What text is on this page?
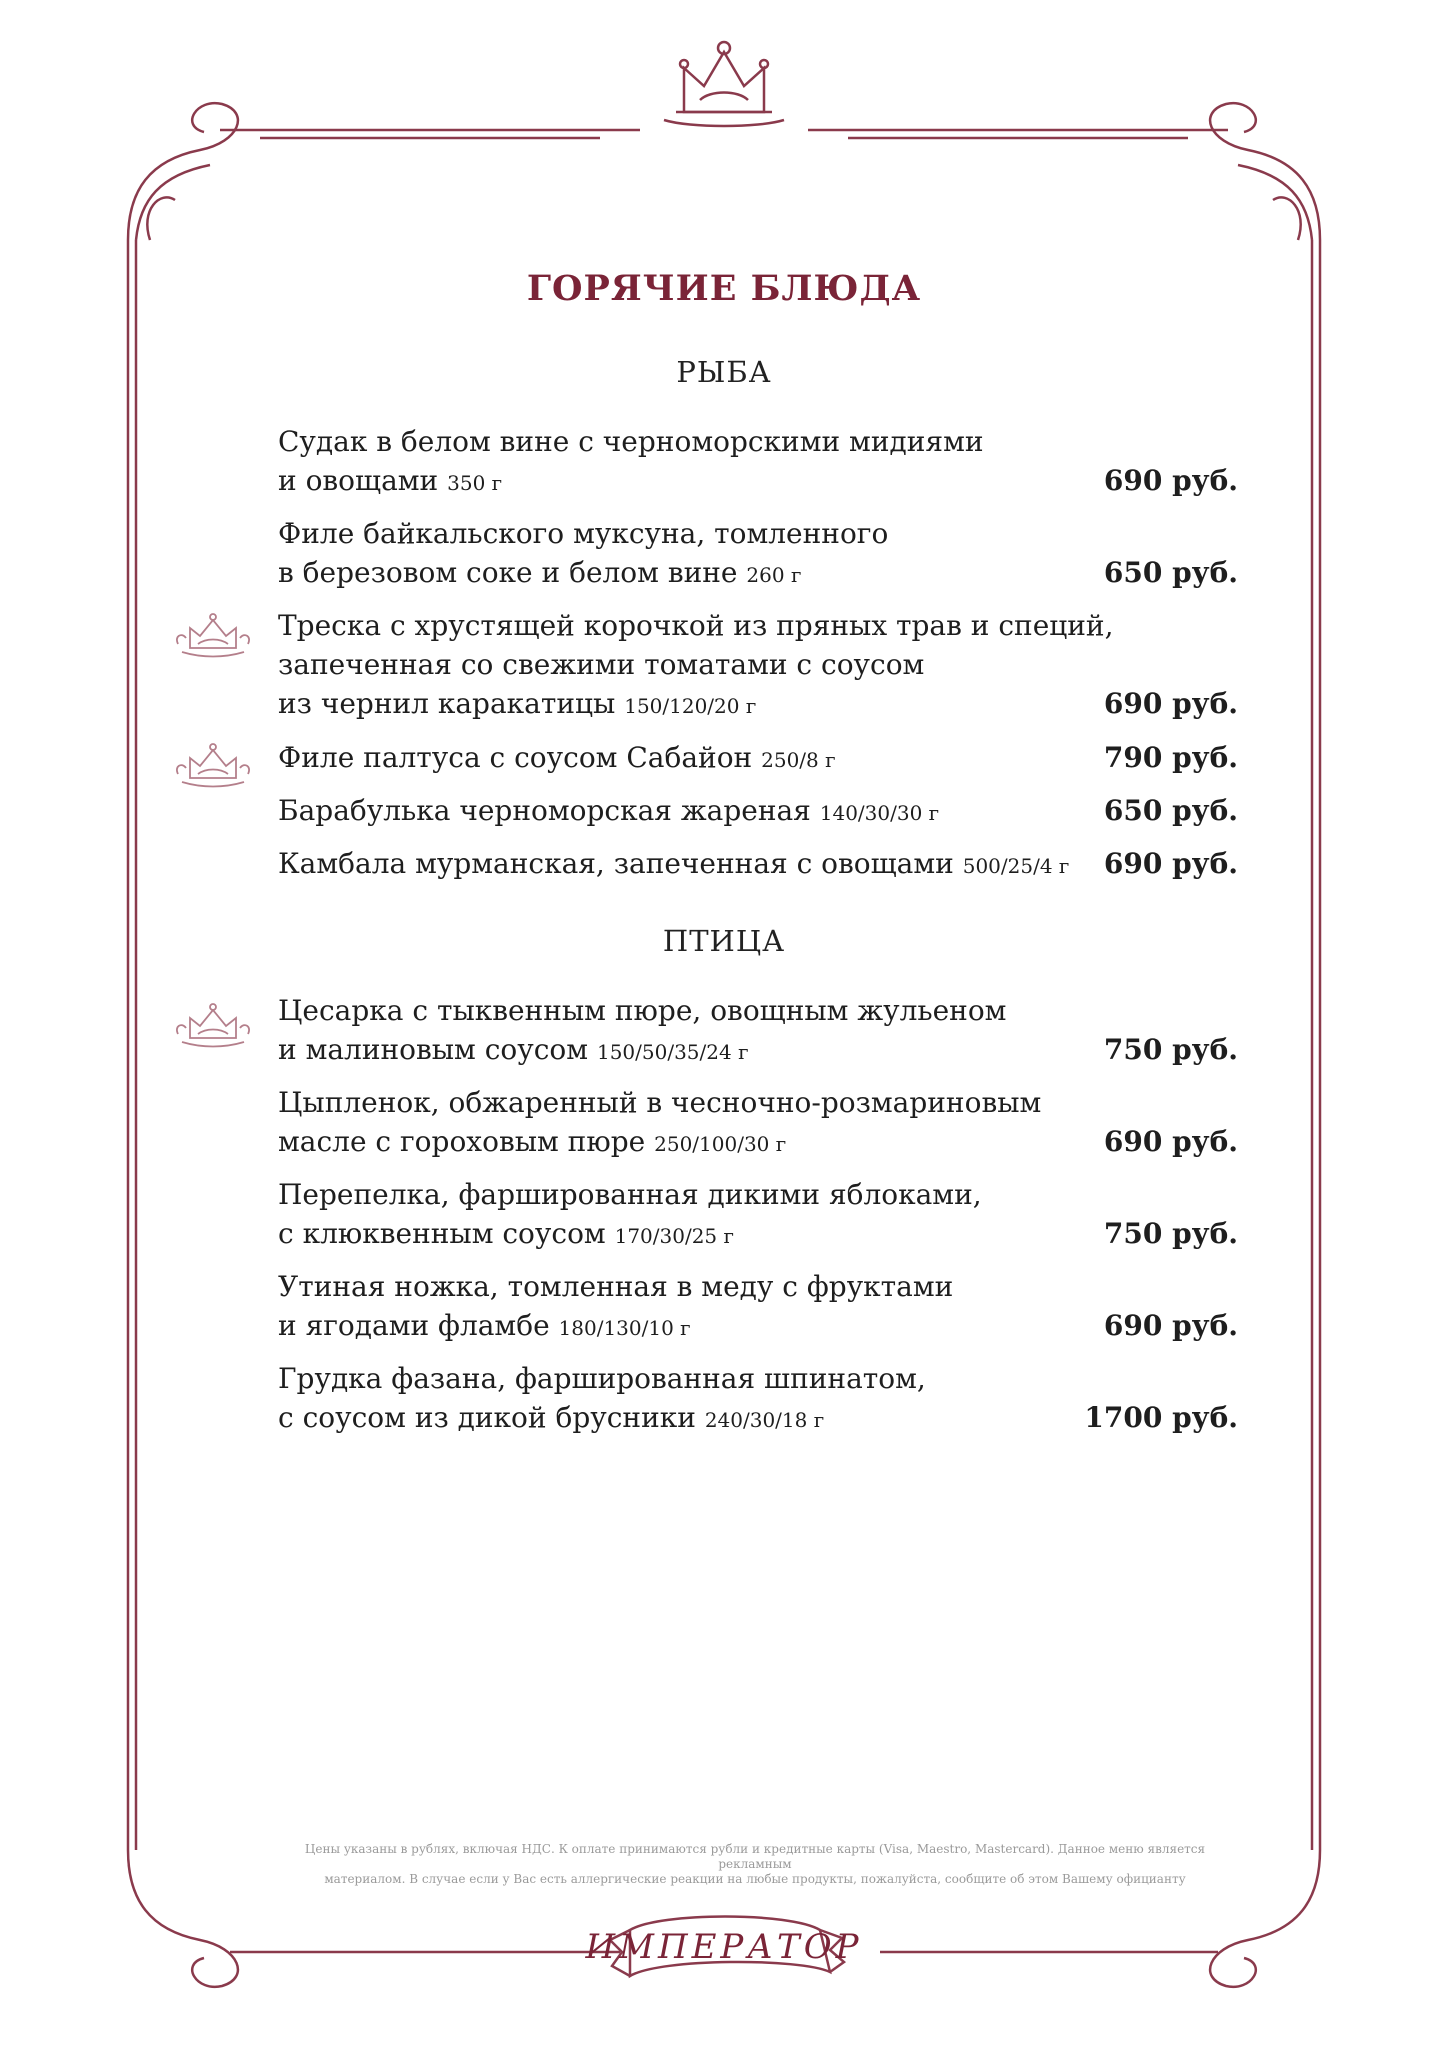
ИМПЕРАТОР
ГОРЯЧИЕ БЛЮДА
РЫБА
Судак в белом вине с черноморскими мидиями
и овощами 350 г	690 руб.
Филе байкальского муксуна, томленного
в березовом соке и белом вине 260 г	650 руб.
Треска с хрустящей корочкой из пряных трав и специй,
запеченная со свежими томатами с соусом
из чернил каракатицы 150/120/20 г	690 руб.
Филе палтуса с соусом Сабайон 250/8 г	790 руб.
Барабулька черноморская жареная 140/30/30 г	650 руб.
Камбала мурманская, запеченная с овощами 500/25/4 г 690 руб.
ПТИЦА
Цесарка с тыквенным пюре, овощным жульеном
и малиновым соусом 150/50/35/24 г	750 руб.
Цыпленок, обжаренный в чесночно-розмариновым
масле с гороховым пюре 250/100/30 г	690 руб.
Перепелка, фаршированная дикими яблоками,
с клюквенным соусом 170/30/25 г	750 руб.
Утиная ножка, томленная в меду с фруктами
и ягодами фламбе 180/130/10 г	690 руб.
Грудка фазана, фаршированная шпинатом,
с соусом из дикой брусники 240/30/18 г	1700 руб.
Цены указаны в рублях, включая НДС. К оплате принимаются рубли и кредитные карты (Visa, Maestro, Mastercard). Данное меню является рекламным
материалом. В случае если у Вас есть аллергические реакции на любые продукты, пожалуйста, сообщите об этом Вашему официанту
